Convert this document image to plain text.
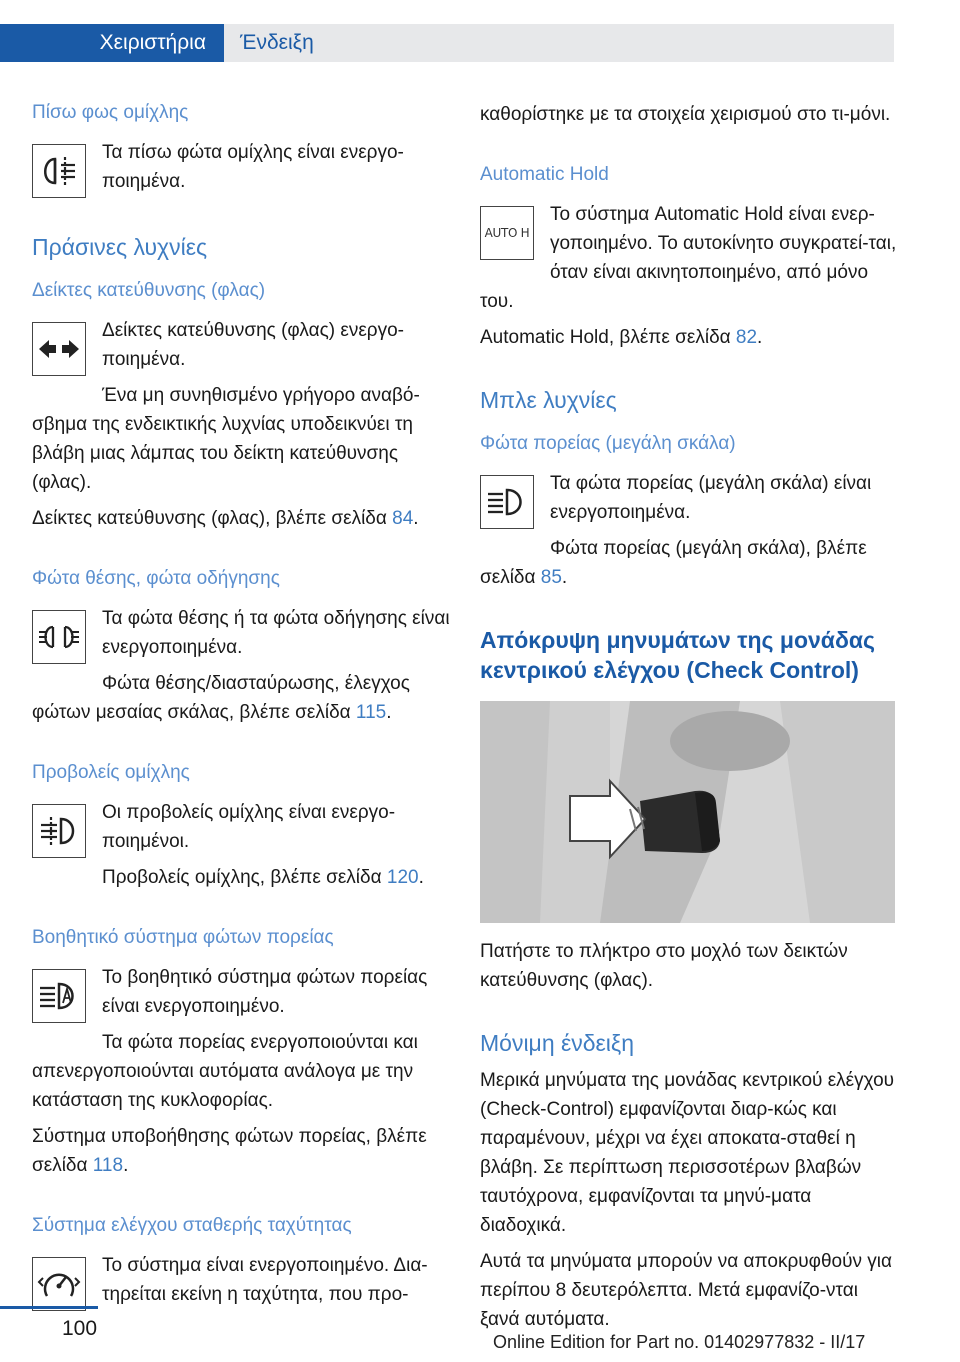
Χειριστήρια	Ένδειξη
Πίσω φως ομίχλης
Τα πίσω φώτα ομίχλης είναι ενεργο-ποιημένα.
Πράσινες λυχνίες
Δείκτες κατεύθυνσης (φλας)
Δείκτες κατεύθυνσης (φλας) ενεργο-ποιημένα.
Ένα μη συνηθισμένο γρήγορο αναβό-σβημα της ενδεικτικής λυχνίας υποδεικνύει τη βλάβη μιας λάμπας του δείκτη κατεύθυνσης (φλας).
Δείκτες κατεύθυνσης (φλας), βλέπε σελίδα 84.
Φώτα θέσης, φώτα οδήγησης
Τα φώτα θέσης ή τα φώτα οδήγησης είναι ενεργοποιημένα.
Φώτα θέσης/διασταύρωσης, έλεγχος φώτων μεσαίας σκάλας, βλέπε σελίδα 115.
Προβολείς ομίχλης
Οι προβολείς ομίχλης είναι ενεργο-ποιημένοι.
Προβολείς ομίχλης, βλέπε σελίδα 120.
Βοηθητικό σύστημα φώτων πορείας
Το βοηθητικό σύστημα φώτων πορείας είναι ενεργοποιημένο.
Τα φώτα πορείας ενεργοποιούνται και απενεργοποιούνται αυτόματα ανάλογα με την κατάσταση της κυκλοφορίας.
Σύστημα υποβοήθησης φώτων πορείας, βλέπε σελίδα 118.
Σύστημα ελέγχου σταθερής ταχύτητας
Το σύστημα είναι ενεργοποιημένο. Δια-τηρείται εκείνη η ταχύτητα, που προ-
καθορίστηκε με τα στοιχεία χειρισμού στο τι-μόνι.
Automatic Hold
AUTO H
Το σύστημα Automatic Hold είναι ενερ-γοποιημένο. Το αυτοκίνητο συγκρατεί-ται, όταν είναι ακινητοποιημένο, από μόνο του.
Automatic Hold, βλέπε σελίδα 82.
Μπλε λυχνίες
Φώτα πορείας (μεγάλη σκάλα)
Τα φώτα πορείας (μεγάλη σκάλα) είναι ενεργοποιημένα.
Φώτα πορείας (μεγάλη σκάλα), βλέπε σελίδα 85.
Απόκρυψη μηνυμάτων της μονάδας κεντρικού ελέγχου (Check Control)
Πατήστε το πλήκτρο στο μοχλό των δεικτών κατεύθυνσης (φλας).
Μόνιμη ένδειξη
Μερικά μηνύματα της μονάδας κεντρικού ελέγχου (Check-Control) εμφανίζονται διαρ-κώς και παραμένουν, μέχρι να έχει αποκατα-σταθεί η βλάβη. Σε περίπτωση περισσοτέρων βλαβών ταυτόχρονα, εμφανίζονται τα μηνύ-ματα διαδοχικά.
Αυτά τα μηνύματα μπορούν να αποκρυφθούν για περίπου 8 δευτερόλεπτα. Μετά εμφανίζο-νται ξανά αυτόματα.
100
Online Edition for Part no. 01402977832 - II/17
